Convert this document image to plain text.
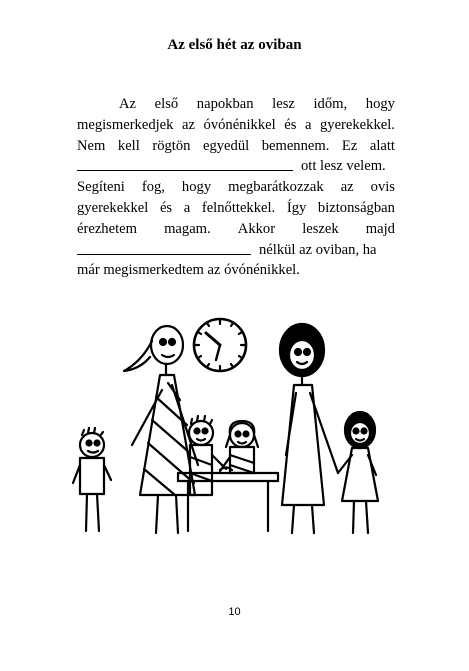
Az első hét az oviban
Az első napokban lesz időm, hogy
megismerkedjek az óvónénikkel és a gyerekekkel.
Nem kell rögtön egyedül bemennem. Ez alatt
ott lesz velem.
Segíteni fog, hogy megbarátkozzak az ovis
gyerekekkel és a felnőttekkel. Így biztonságban
érezhetem magam. Akkor leszek majd
nélkül az oviban, ha
már megismerkedtem az óvónénikkel.
10
